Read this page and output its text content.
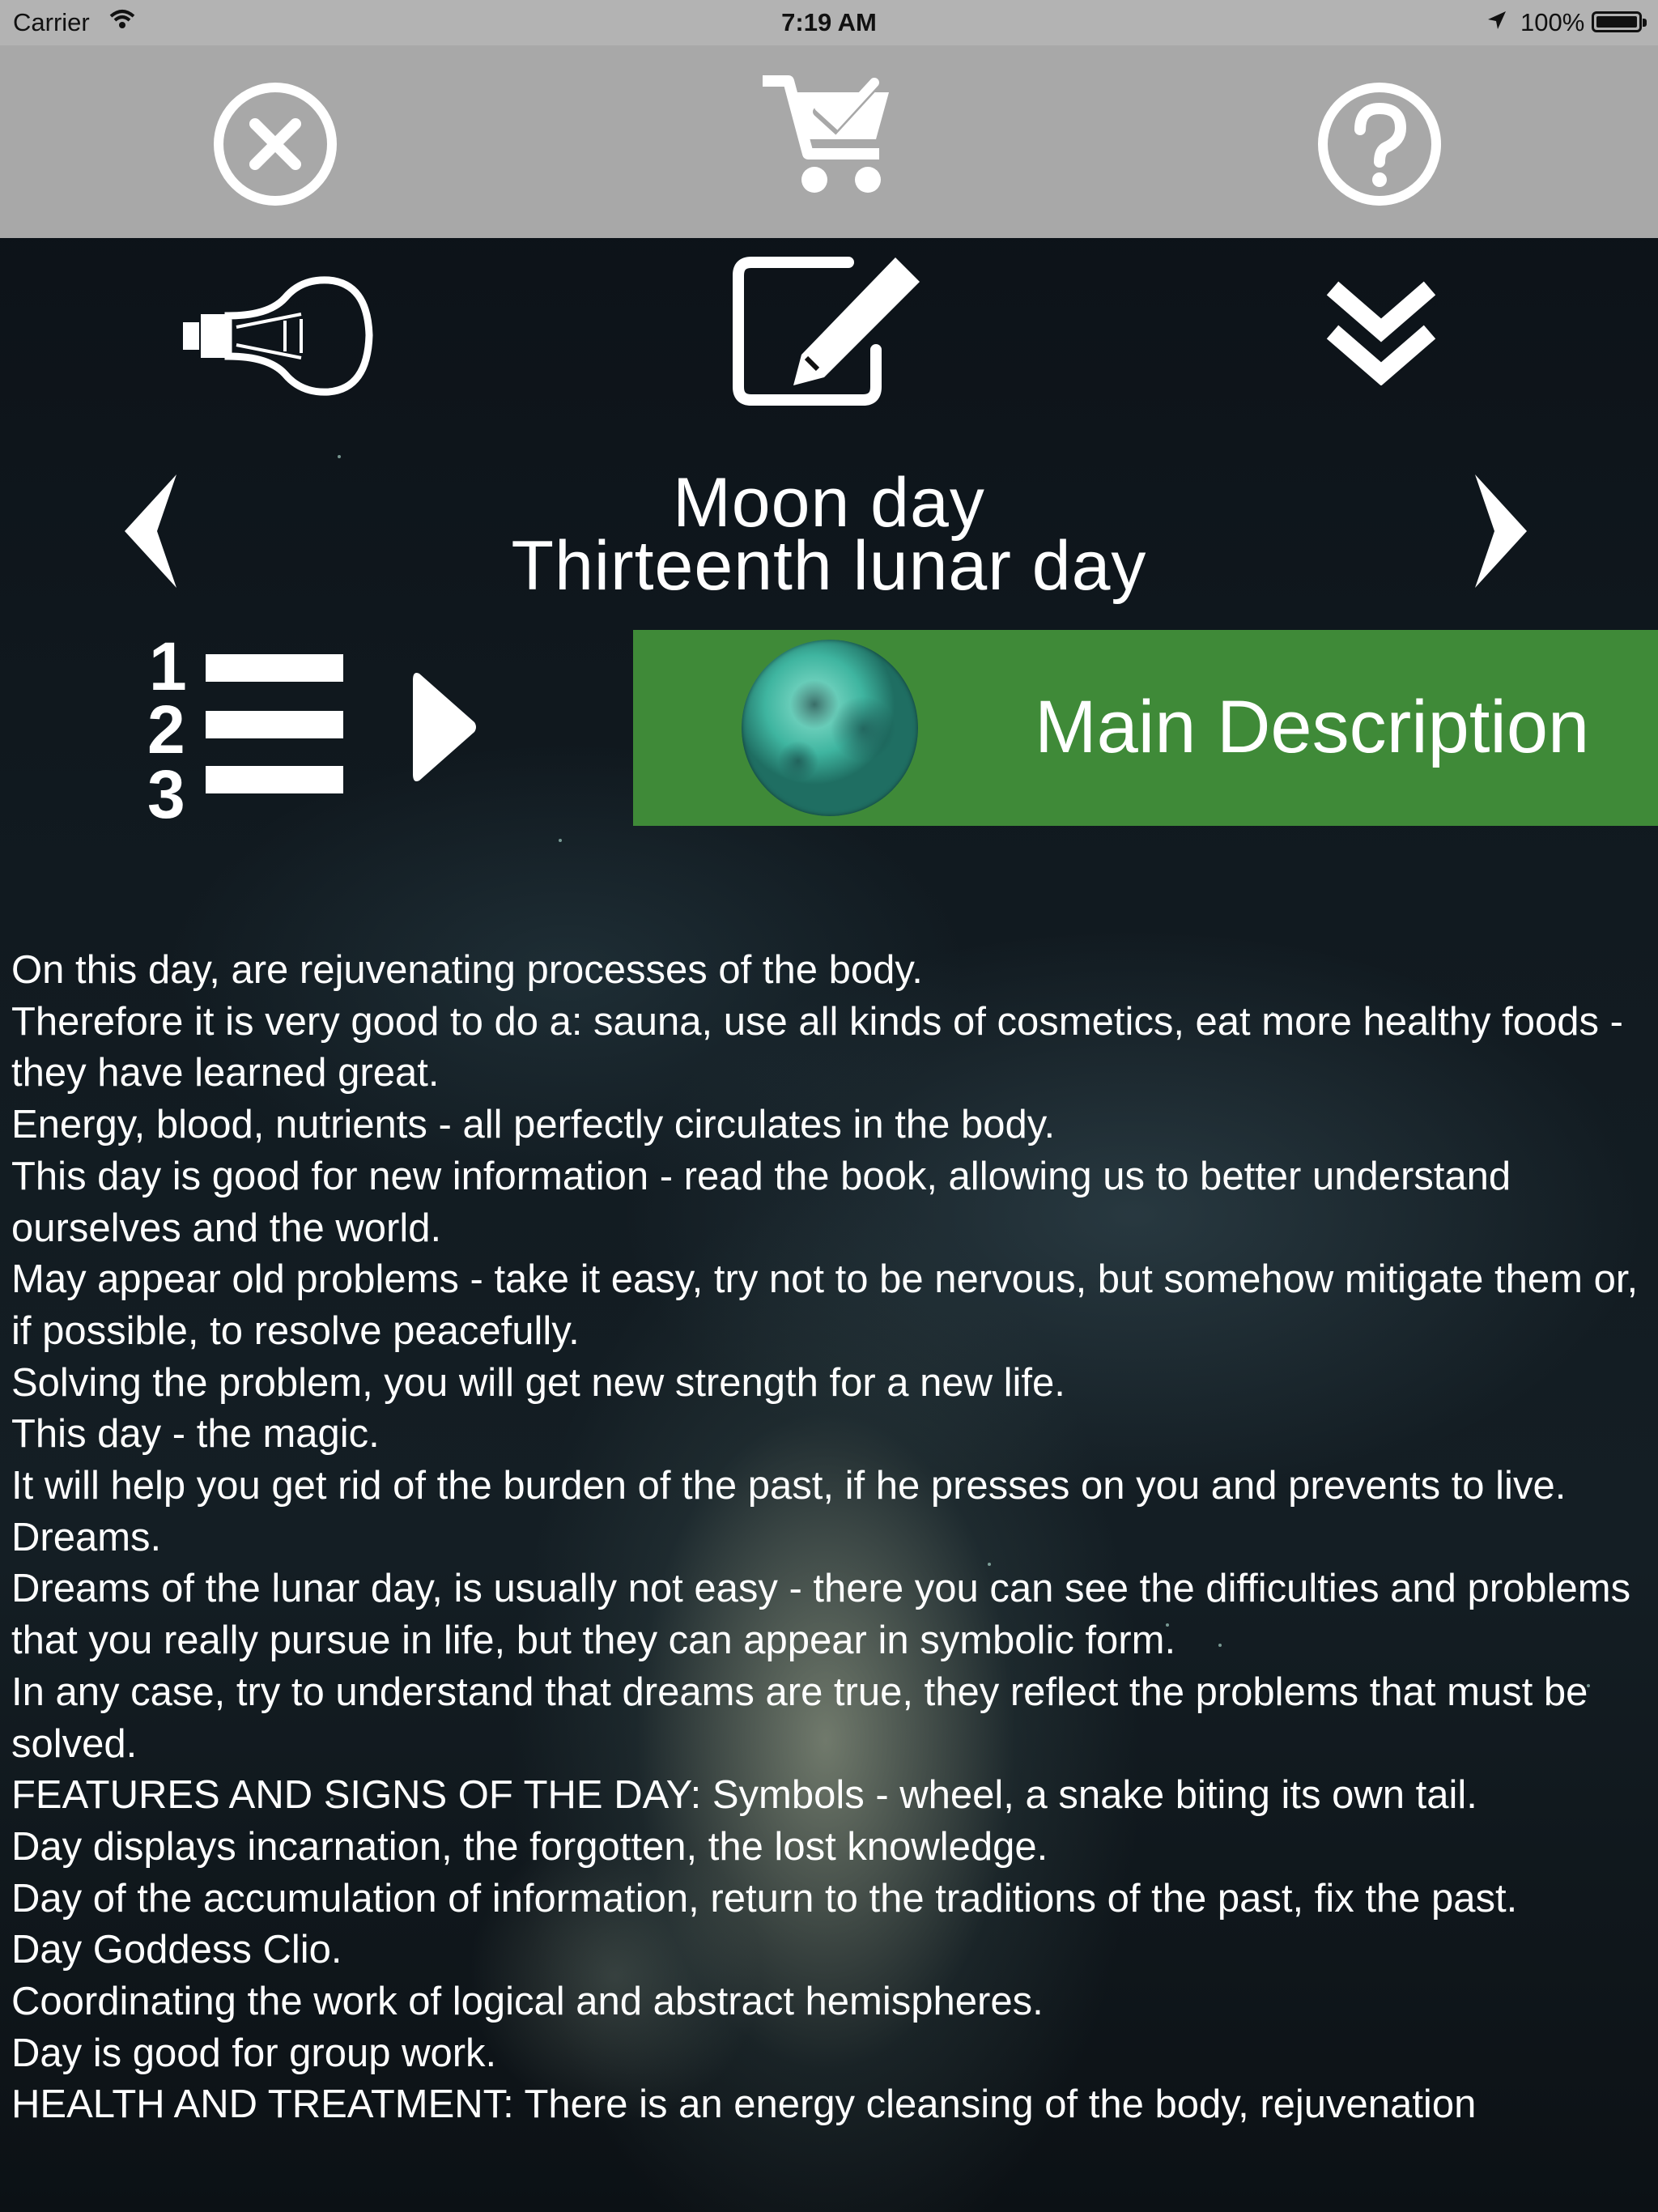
Carrier	7:19 AM	100%
Moon day
Thirteenth lunar day
1
2
3
Main Description

On this day, are rejuvenating processes of the body.

Therefore it is very good to do a: sauna, use all kinds of cosmetics, eat more healthy foods - they have learned great.

Energy, blood, nutrients - all perfectly circulates in the body.

This day is good for new information - read the book, allowing us to better understand ourselves and the world.

May appear old problems - take it easy, try not to be nervous, but somehow mitigate them or, if possible, to resolve peacefully.

Solving the problem, you will get new strength for a new life.

This day - the magic.

It will help you get rid of the burden of the past, if he presses on you and prevents to live.

Dreams.

Dreams of the lunar day, is usually not easy - there you can see the difficulties and problems that you really pursue in life, but they can appear in symbolic form.

In any case, try to understand that dreams are true, they reflect the problems that must be solved.

FEATURES AND SIGNS OF THE DAY: Symbols - wheel, a snake biting its own tail.

Day displays incarnation, the forgotten, the lost knowledge.

Day of the accumulation of information, return to the traditions of the past, fix the past.

Day Goddess Clio.

Coordinating the work of logical and abstract hemispheres.

Day is good for group work.

HEALTH AND TREATMENT: There is an energy cleansing of the body, rejuvenation
